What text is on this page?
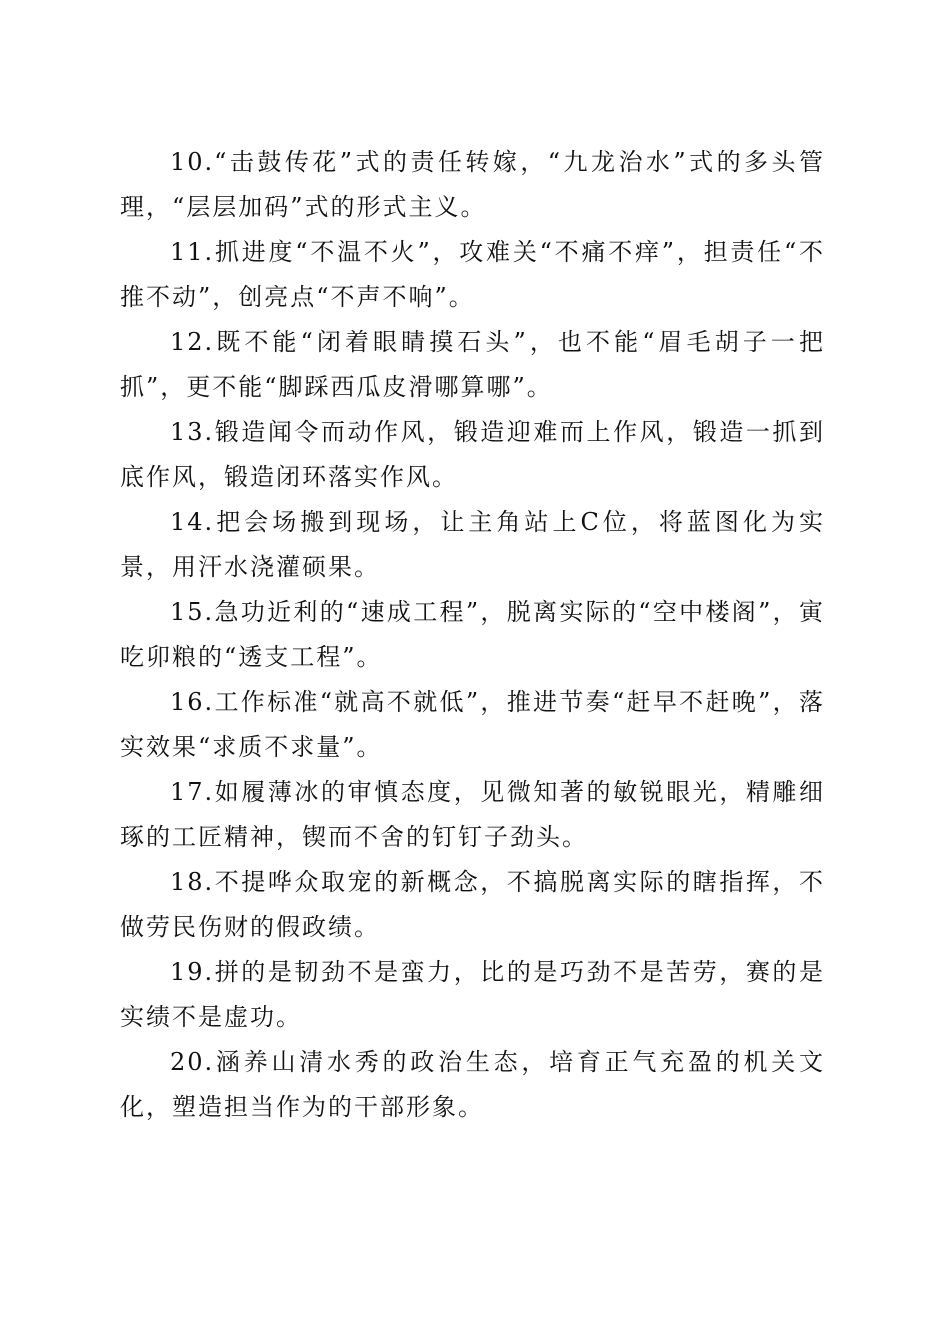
10.“击鼓传花”式的责任转嫁，“九龙治水”式的多头管理，“层层加码”式的形式主义。

11.抓进度“不温不火”，攻难关“不痛不痒”，担责任“不推不动”，创亮点“不声不响”。

12.既不能“闭着眼睛摸石头”，也不能“眉毛胡子一把抓”，更不能“脚踩西瓜皮滑哪算哪”。

13.锻造闻令而动作风，锻造迎难而上作风，锻造一抓到底作风，锻造闭环落实作风。

14.把会场搬到现场，让主角站上C位，将蓝图化为实景，用汗水浇灌硕果。

15.急功近利的“速成工程”，脱离实际的“空中楼阁”，寅吃卯粮的“透支工程”。

16.工作标准“就高不就低”，推进节奏“赶早不赶晚”，落实效果“求质不求量”。

17.如履薄冰的审慎态度，见微知著的敏锐眼光，精雕细琢的工匠精神，锲而不舍的钉钉子劲头。

18.不提哗众取宠的新概念，不搞脱离实际的瞎指挥，不做劳民伤财的假政绩。

19.拼的是韧劲不是蛮力，比的是巧劲不是苦劳，赛的是实绩不是虚功。

20.涵养山清水秀的政治生态，培育正气充盈的机关文化，塑造担当作为的干部形象。
